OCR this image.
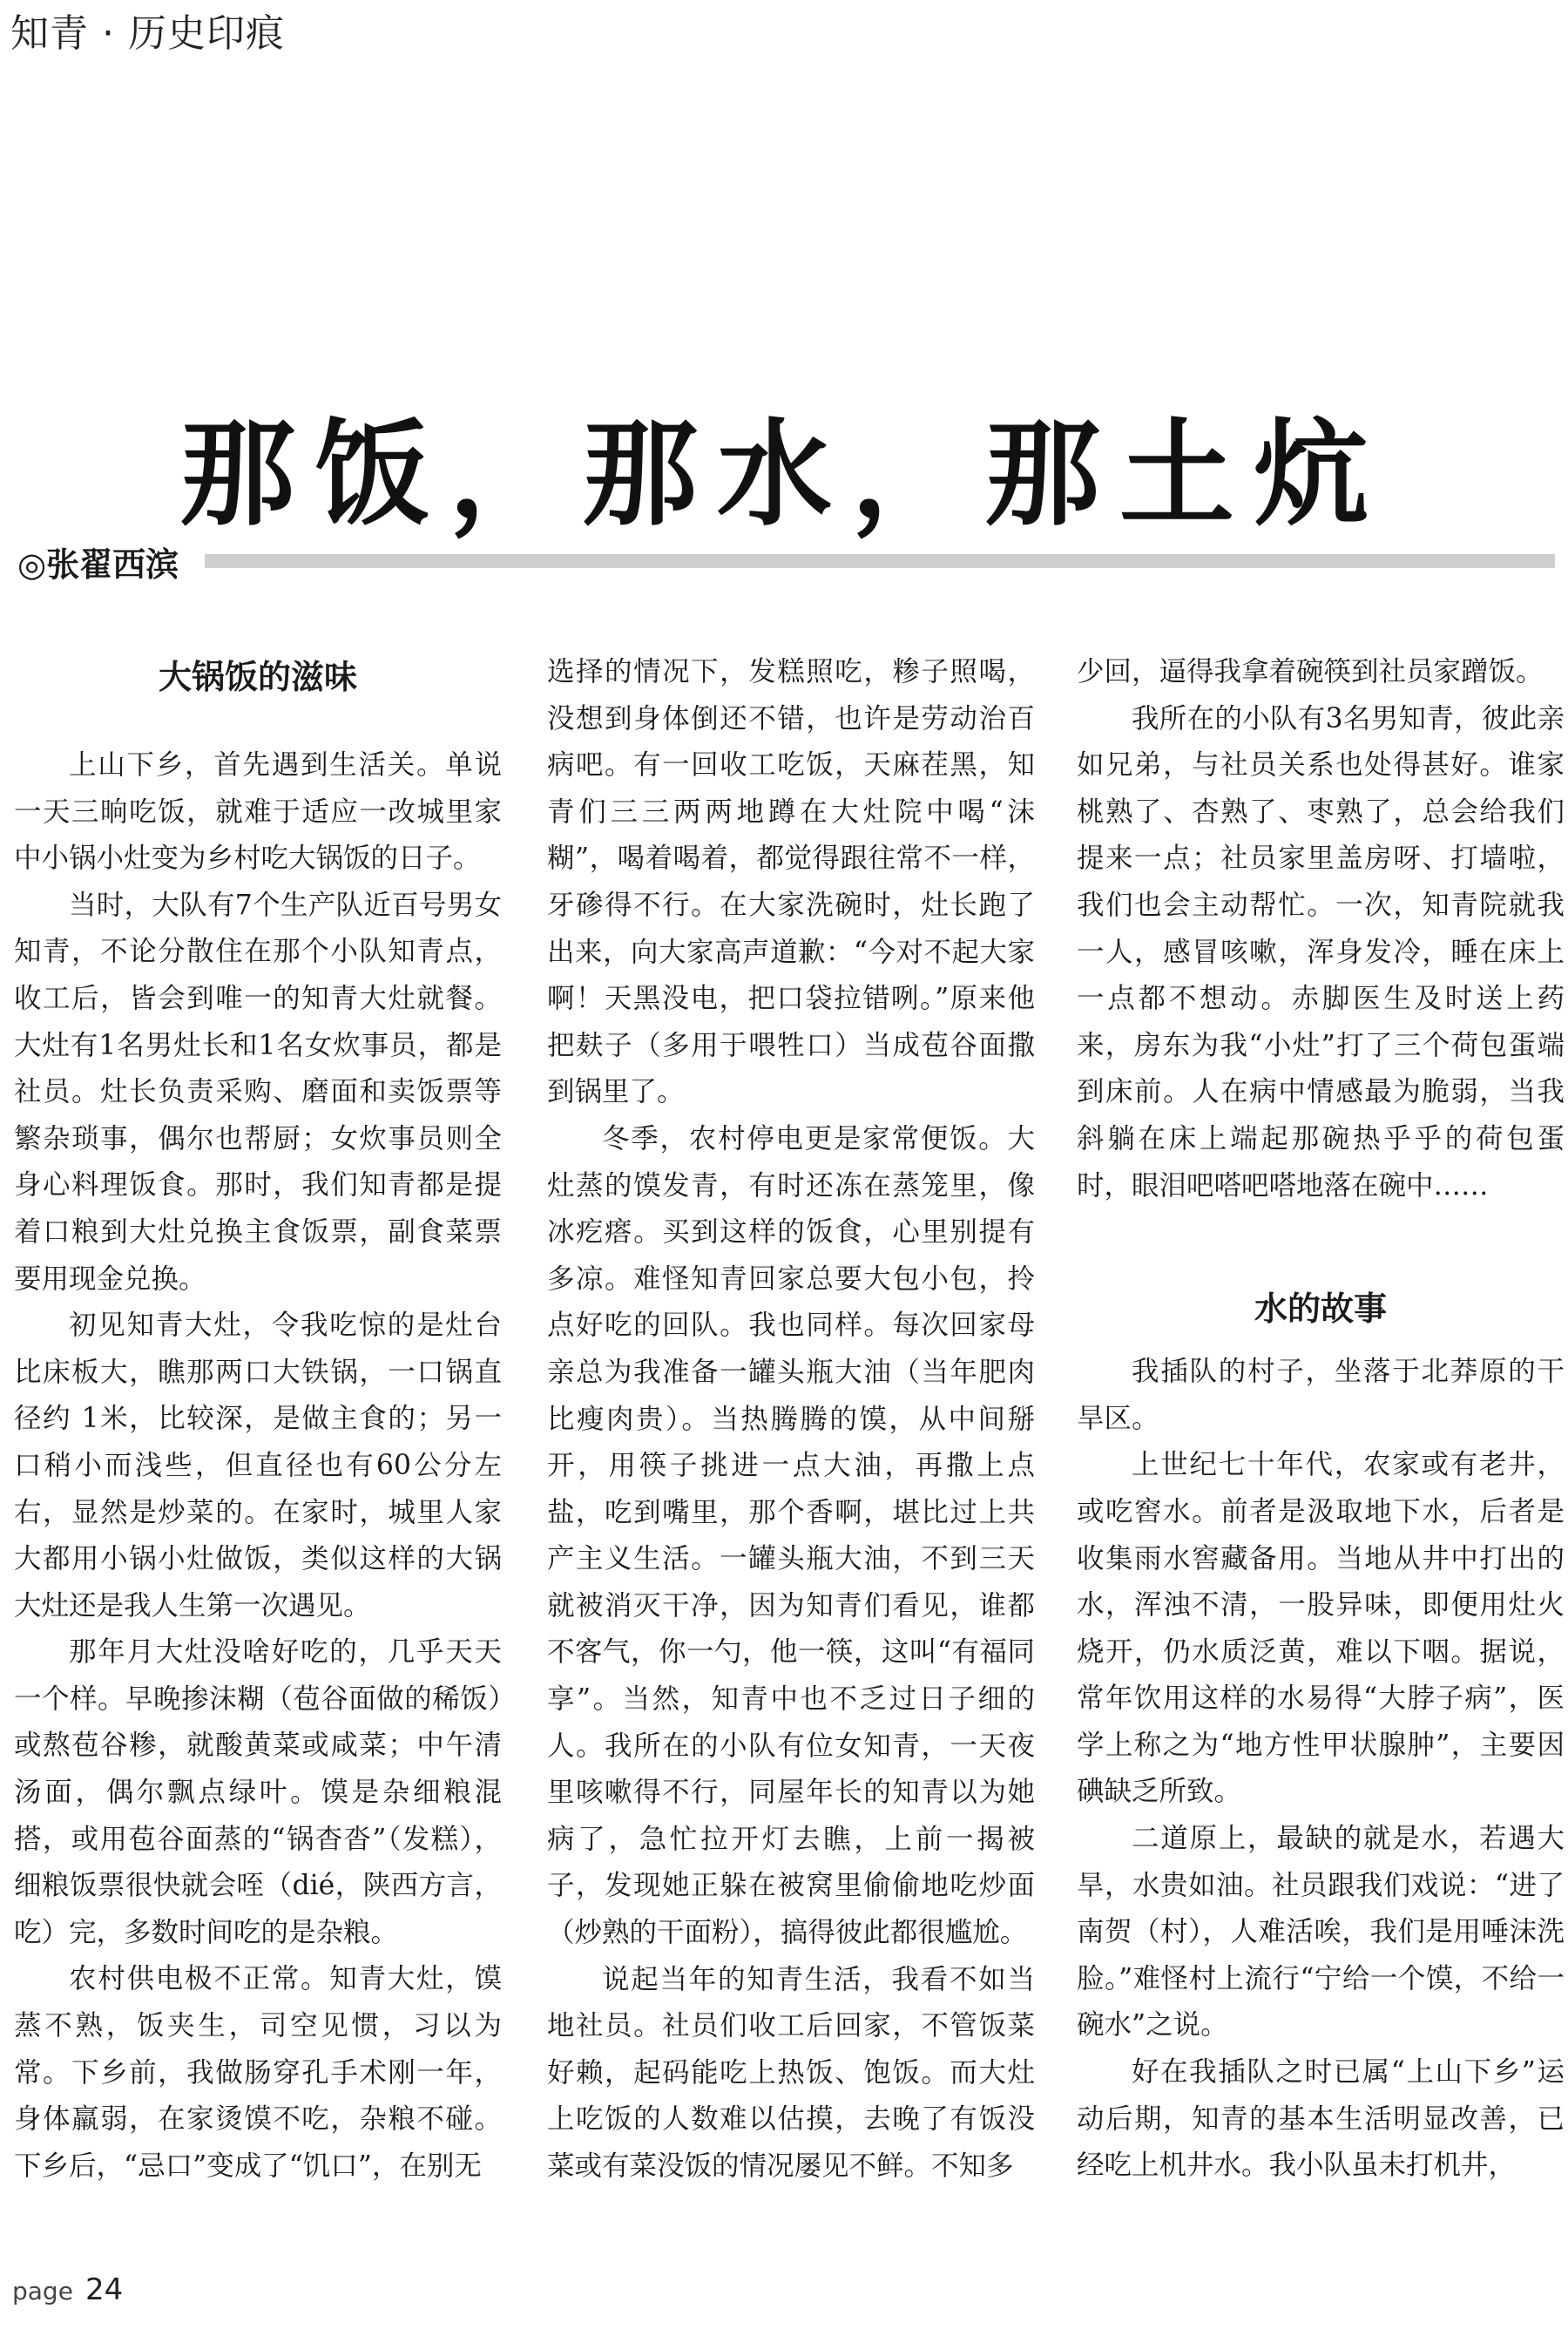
知青 · 历史印痕
那饭，那水，那土炕
◎张翟西滨
大锅饭的滋味

上山下乡，首先遇到生活关。单说一天三晌吃饭，就难于适应一改城里家中小锅小灶变为乡村吃大锅饭的日子。

当时，大队有7个生产队近百号男女知青，不论分散住在那个小队知青点，收工后，皆会到唯一的知青大灶就餐。大灶有1名男灶长和1名女炊事员，都是社员。灶长负责采购、磨面和卖饭票等繁杂琐事，偶尔也帮厨；女炊事员则全身心料理饭食。那时，我们知青都是提着口粮到大灶兑换主食饭票，副食菜票要用现金兑换。

初见知青大灶，令我吃惊的是灶台比床板大，瞧那两口大铁锅，一口锅直径约 1米，比较深，是做主食的；另一口稍小而浅些，但直径也有60公分左右，显然是炒菜的。在家时，城里人家大都用小锅小灶做饭，类似这样的大锅大灶还是我人生第一次遇见。

那年月大灶没啥好吃的，几乎天天一个样。早晚掺沫糊（苞谷面做的稀饭）或熬苞谷糁，就酸黄菜或咸菜；中午清汤面，偶尔飘点绿叶。馍是杂细粮混搭，或用苞谷面蒸的“锅杳沓”（发糕），细粮饭票很快就会咥（dié，陕西方言，吃）完，多数时间吃的是杂粮。

农村供电极不正常。知青大灶，馍蒸不熟，饭夹生，司空见惯，习以为常。下乡前，我做肠穿孔手术刚一年，身体羸弱，在家烫馍不吃，杂粮不碰。下乡后，“忌口”变成了“饥口”，在别无

选择的情况下，发糕照吃，糁子照喝，没想到身体倒还不错，也许是劳动治百病吧。有一回收工吃饭，天麻茬黑，知青们三三两两地蹲在大灶院中喝“沫糊”，喝着喝着，都觉得跟往常不一样，牙碜得不行。在大家洗碗时，灶长跑了出来，向大家高声道歉：“今对不起大家啊！天黑没电，把口袋拉错咧。”原来他把麸子（多用于喂牲口）当成苞谷面撒到锅里了。

冬季，农村停电更是家常便饭。大灶蒸的馍发青，有时还冻在蒸笼里，像冰疙瘩。买到这样的饭食，心里别提有多凉。难怪知青回家总要大包小包，拎点好吃的回队。我也同样。每次回家母亲总为我准备一罐头瓶大油（当年肥肉比瘦肉贵）。当热腾腾的馍，从中间掰开，用筷子挑进一点大油，再撒上点盐，吃到嘴里，那个香啊，堪比过上共产主义生活。一罐头瓶大油，不到三天就被消灭干净，因为知青们看见，谁都不客气，你一勺，他一筷，这叫“有福同享”。当然，知青中也不乏过日子细的人。我所在的小队有位女知青，一天夜里咳嗽得不行，同屋年长的知青以为她病了，急忙拉开灯去瞧，上前一揭被子，发现她正躲在被窝里偷偷地吃炒面（炒熟的干面粉），搞得彼此都很尴尬。

说起当年的知青生活，我看不如当地社员。社员们收工后回家，不管饭菜好赖，起码能吃上热饭、饱饭。而大灶上吃饭的人数难以估摸，去晚了有饭没菜或有菜没饭的情况屡见不鲜。不知多

少回，逼得我拿着碗筷到社员家蹭饭。

我所在的小队有3名男知青，彼此亲如兄弟，与社员关系也处得甚好。谁家桃熟了、杏熟了、枣熟了，总会给我们提来一点；社员家里盖房呀、打墙啦，我们也会主动帮忙。一次，知青院就我一人，感冒咳嗽，浑身发冷，睡在床上一点都不想动。赤脚医生及时送上药来，房东为我“小灶”打了三个荷包蛋端到床前。人在病中情感最为脆弱，当我斜躺在床上端起那碗热乎乎的荷包蛋时，眼泪吧嗒吧嗒地落在碗中……

水的故事

我插队的村子，坐落于北莽原的干旱区。

上世纪七十年代，农家或有老井，或吃窖水。前者是汲取地下水，后者是收集雨水窖藏备用。当地从井中打出的水，浑浊不清，一股异味，即便用灶火烧开，仍水质泛黄，难以下咽。据说，常年饮用这样的水易得“大脖子病”，医学上称之为“地方性甲状腺肿”，主要因碘缺乏所致。

二道原上，最缺的就是水，若遇大旱，水贵如油。社员跟我们戏说：“进了南贺（村），人难活唉，我们是用唾沫洗脸。”难怪村上流行“宁给一个馍，不给一碗水”之说。

好在我插队之时已属“上山下乡”运动后期，知青的基本生活明显改善，已经吃上机井水。我小队虽未打机井，

page 24
